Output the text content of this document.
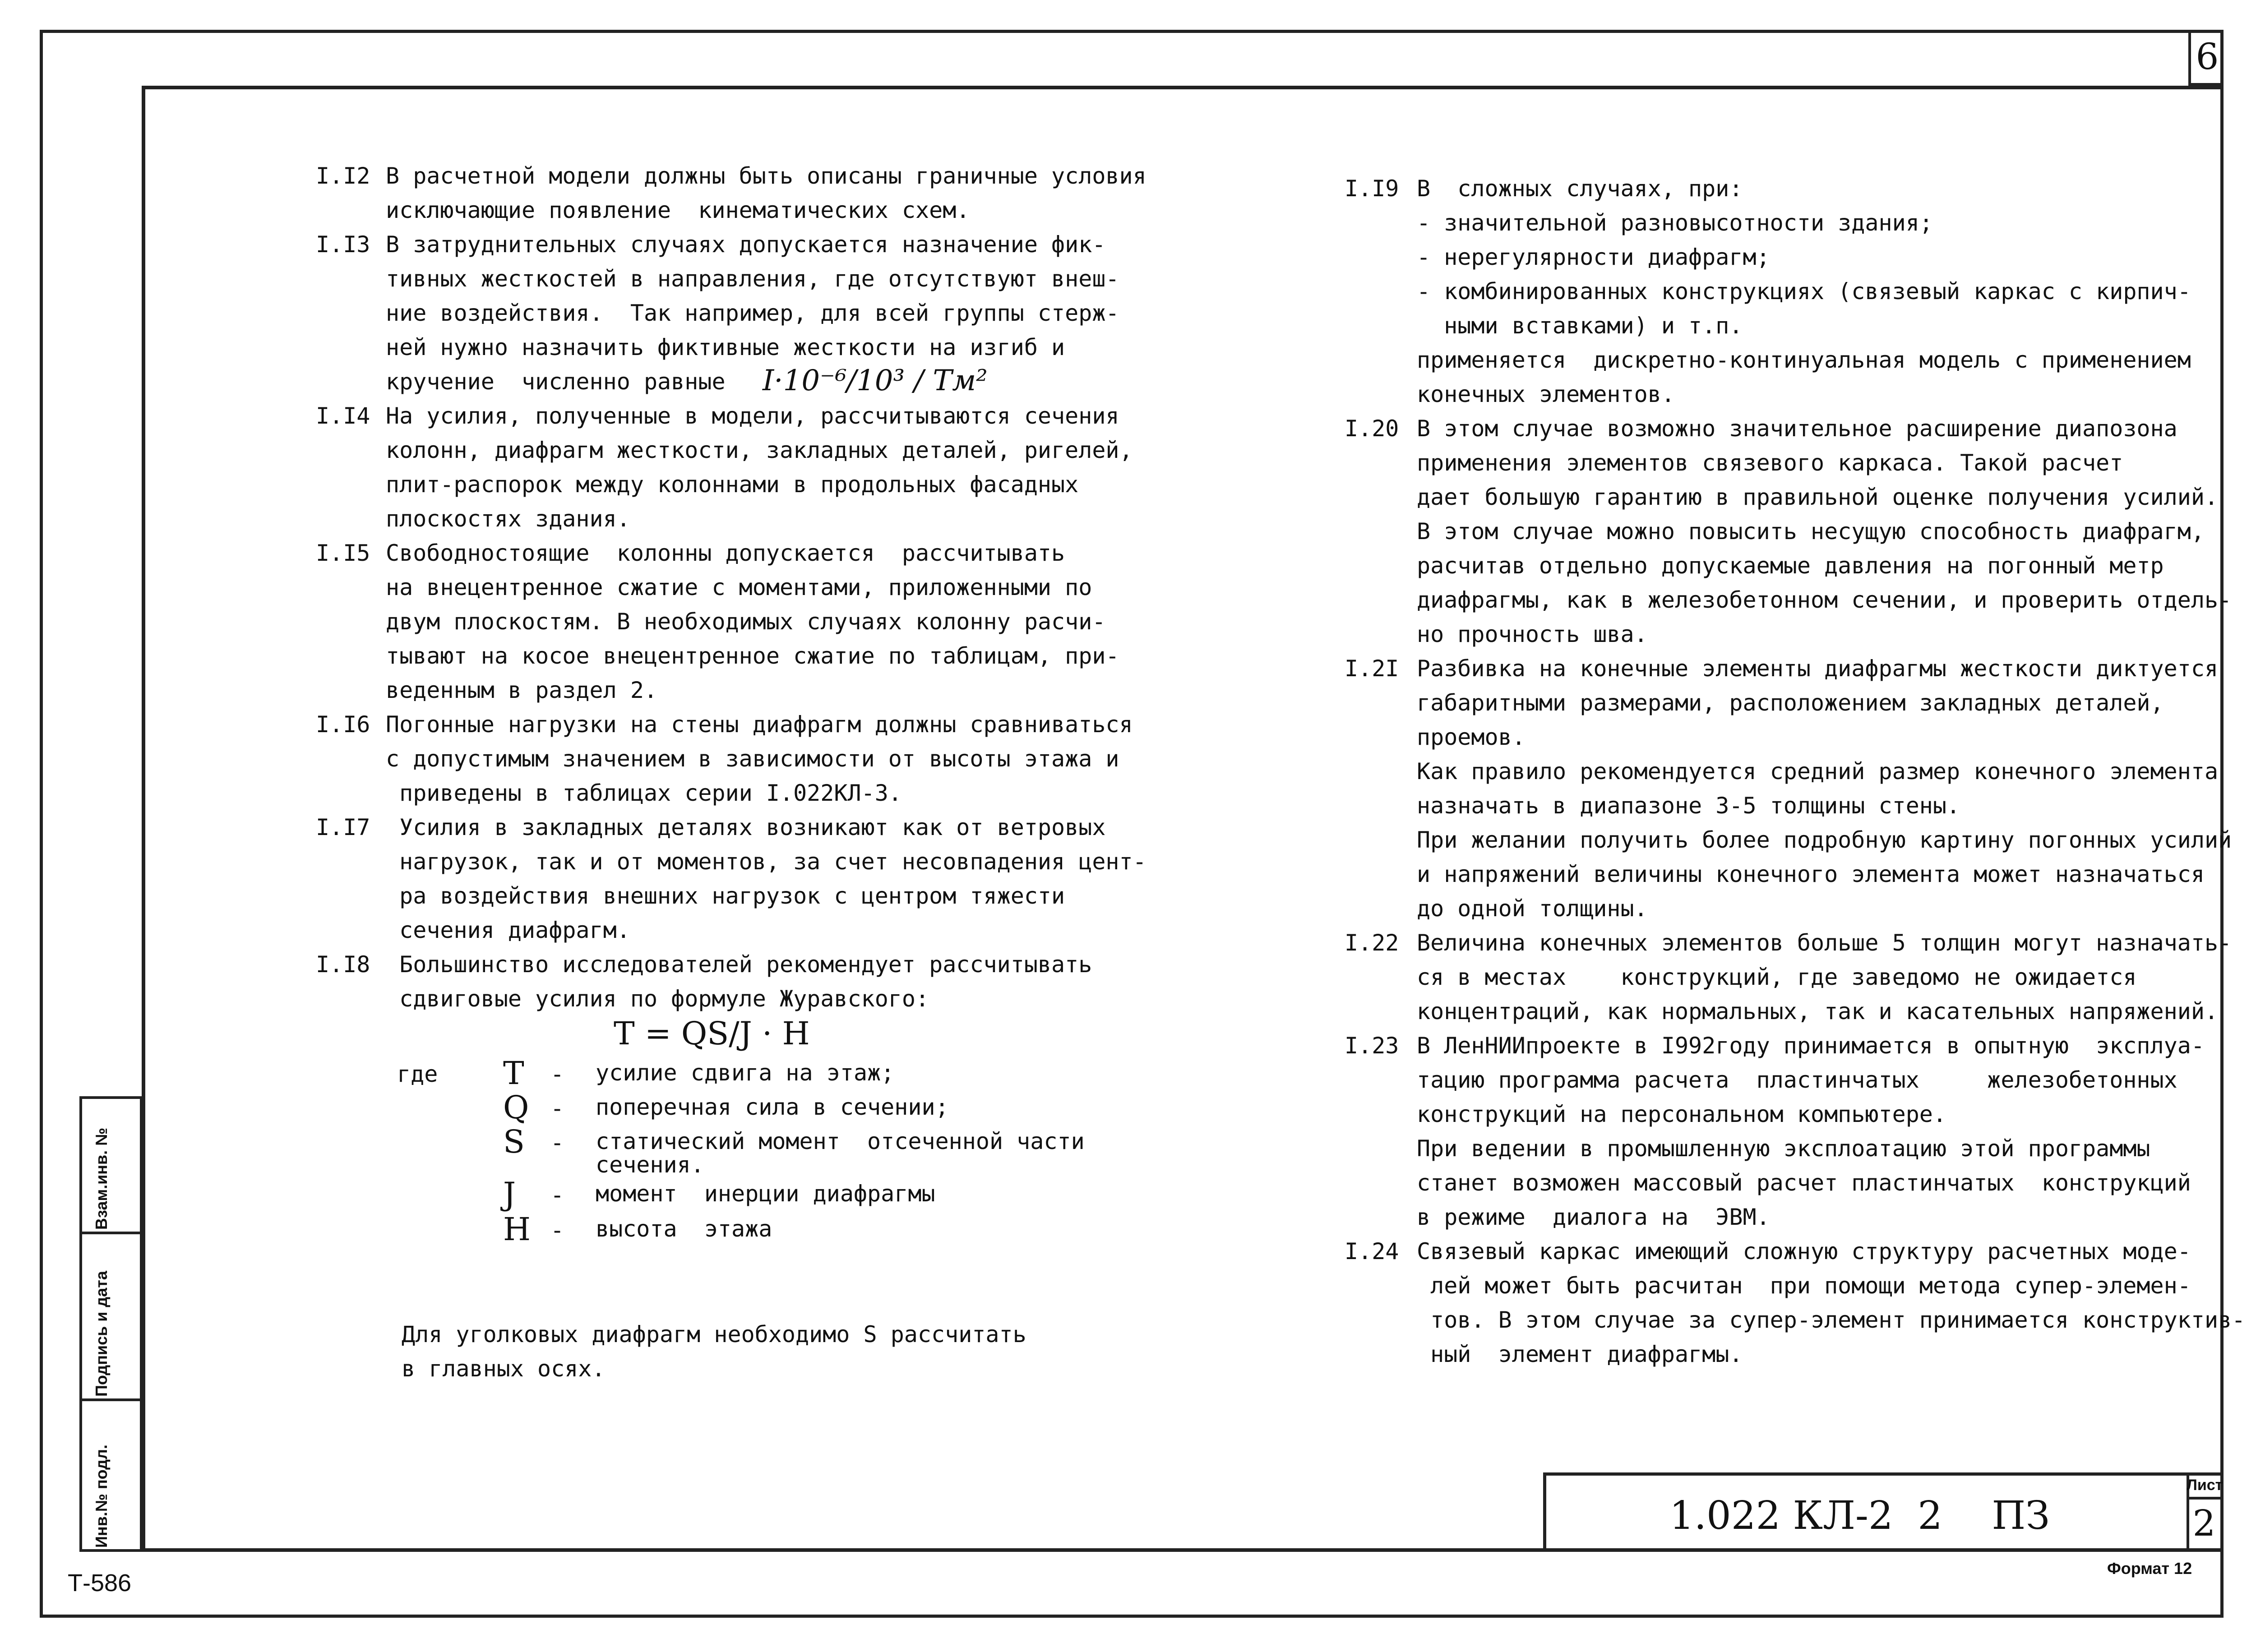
6
I.I2 В расчетной модели должны быть описаны граничные условия
исключающие появление  кинематических схем.
I.I3 В затруднительных случаях допускается назначение фик-
тивных жесткостей в направления, где отсутствуют внеш-
ние воздействия.  Так например, для всей группы стерж-
ней нужно назначить фиктивные жесткости на изгиб и
кручение  численно равные
I.I4 На усилия, полученные в модели, рассчитываются сечения
колонн, диафрагм жесткости, закладных деталей, ригелей,
плит-распорок между колоннами в продольных фасадных
плоскостях здания.
I.I5 Свободностоящие  колонны допускается  рассчитывать
на внецентренное сжатие с моментами, приложенными по
двум плоскостям. В необходимых случаях колонну расчи-
тывают на косое внецентренное сжатие по таблицам, при-
веденным в раздел 2.
I.I6 Погонные нагрузки на стены диафрагм должны сравниваться
с допустимым значением в зависимости от высоты этажа и
приведены в таблицах серии I.022КЛ-3.
I.I7 Усилия в закладных деталях возникают как от ветровых
нагрузок, так и от моментов, за счет несовпадения цент-
ра воздействия внешних нагрузок с центром тяжести
сечения диафрагм.
I.I8 Большинство исследователей рекомендует рассчитывать
сдвиговые усилия по формуле Журавского:
I·10⁻⁶/10³ / Тм²
T = QS/J · H
где T - усилие сдвига на этаж;
Q - поперечная сила в сечении;
S - статический момент  отсеченной части
сечения.
J - момент  инерции диафрагмы
H - высота  этажа
Для уголковых диафрагм необходимо S рассчитать
в главных осях.
I.I9 В  сложных случаях, при:
- значительной разновысотности здания;
- нерегулярности диафрагм;
- комбинированных конструкциях (связевый каркас с кирпич-
ными вставками) и т.п.
применяется  дискретно-континуальная модель с применением
конечных элементов.
I.20 В этом случае возможно значительное расширение диапозона
применения элементов связевого каркаса. Такой расчет
дает большую гарантию в правильной оценке получения усилий.
В этом случае можно повысить несущую способность диафрагм,
расчитав отдельно допускаемые давления на погонный метр
диафрагмы, как в железобетонном сечении, и проверить отдель-
но прочность шва.
I.2I Разбивка на конечные элементы диафрагмы жесткости диктуется
габаритными размерами, расположением закладных деталей,
проемов.
Как правило рекомендуется средний размер конечного элемента
назначать в диапазоне 3-5 толщины стены.
При желании получить более подробную картину погонных усилий
и напряжений величины конечного элемента может назначаться
до одной толщины.
I.22 Величина конечных элементов больше 5 толщин могут назначать-
ся в местах    конструкций, где заведомо не ожидается
концентраций, как нормальных, так и касательных напряжений.
I.23 В ЛенНИИпроекте в I992году принимается в опытную  эксплуа-
тацию программа расчета  пластинчатых     железобетонных
конструкций на персональном компьютере.
При ведении в промышленную эксплоатацию этой программы
станет возможен массовый расчет пластинчатых  конструкций
в режиме  диалога на  ЭВМ.
I.24 Связевый каркас имеющий сложную структуру расчетных моде-
лей может быть расчитан  при помощи метода супер-элемен-
тов. В этом случае за супер-элемент принимается конструктив-
ный  элемент диафрагмы.
Взам.инв. №
Подпись и дата
Инв.№ подл.	1.022 КЛ-2  2    ПЗ
Лист
2
Формат 12
Т-586
